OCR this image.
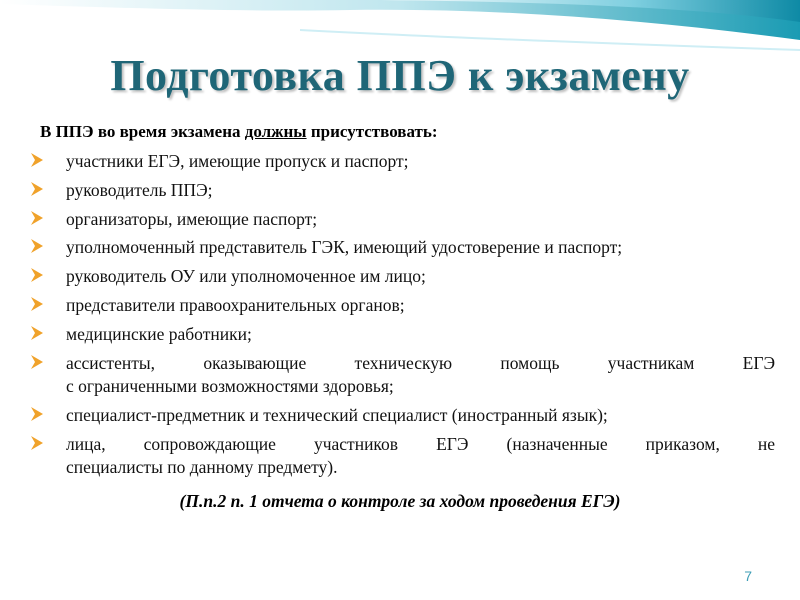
Подготовка ППЭ к экзамену
В ППЭ во время экзамена должны присутствовать:
участники ЕГЭ, имеющие пропуск и паспорт;
руководитель ППЭ;
организаторы, имеющие паспорт;
уполномоченный представитель ГЭК, имеющий удостоверение и паспорт;
руководитель ОУ или уполномоченное им лицо;
представители правоохранительных органов;
медицинские работники;
ассистенты, оказывающие техническую помощь участникам ЕГЭ
с ограниченными возможностями здоровья;
специалист-предметник и технический специалист (иностранный язык);
лица, сопровождающие участников ЕГЭ (назначенные приказом, не
специалисты по данному предмету).
(П.п.2 п. 1 отчета о контроле за ходом проведения ЕГЭ)
7
